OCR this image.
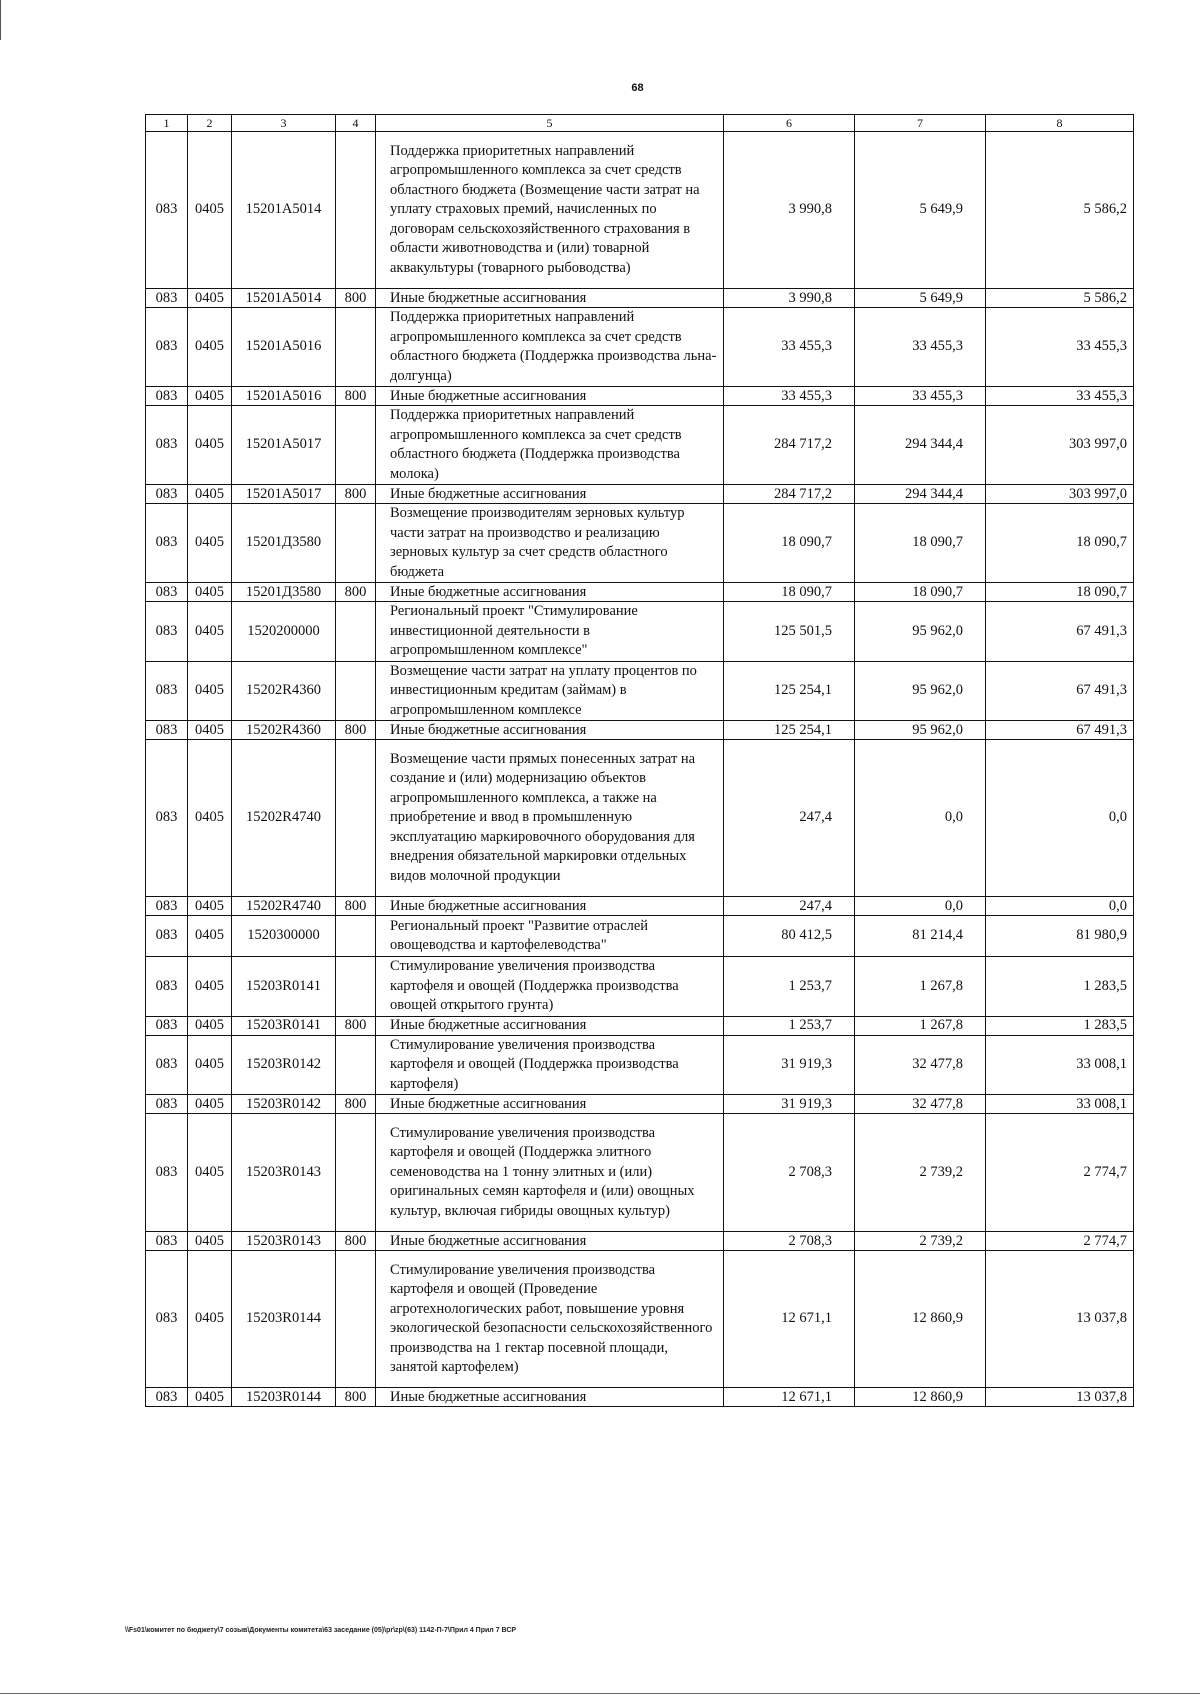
68
1	2	3	4	5	6	7	8
083	0405	15201А5014		Поддержка приоритетных направлений агропромышленного комплекса за счет средств областного бюджета (Возмещение части затрат на уплату страховых премий, начисленных по договорам сельскохозяйственного страхования в области животноводства и (или) товарной аквакультуры (товарного рыбоводства)	3 990,8	5 649,9	5 586,2
083	0405	15201А5014	800	Иные бюджетные ассигнования	3 990,8	5 649,9	5 586,2
083	0405	15201А5016		Поддержка приоритетных направлений агропромышленного комплекса за счет средств областного бюджета (Поддержка производства льна-долгунца)	33 455,3	33 455,3	33 455,3
083	0405	15201А5016	800	Иные бюджетные ассигнования	33 455,3	33 455,3	33 455,3
083	0405	15201А5017		Поддержка приоритетных направлений агропромышленного комплекса за счет средств областного бюджета (Поддержка производства молока)	284 717,2	294 344,4	303 997,0
083	0405	15201А5017	800	Иные бюджетные ассигнования	284 717,2	294 344,4	303 997,0
083	0405	15201Д3580		Возмещение производителям зерновых культур части затрат на производство и реализацию зерновых культур за счет средств областного бюджета	18 090,7	18 090,7	18 090,7
083	0405	15201Д3580	800	Иные бюджетные ассигнования	18 090,7	18 090,7	18 090,7
083	0405	1520200000		Региональный проект "Стимулирование инвестиционной деятельности в агропромышленном комплексе"	125 501,5	95 962,0	67 491,3
083	0405	15202R4360		Возмещение части затрат на уплату процентов по инвестиционным кредитам (займам) в агропромышленном комплексе	125 254,1	95 962,0	67 491,3
083	0405	15202R4360	800	Иные бюджетные ассигнования	125 254,1	95 962,0	67 491,3
083	0405	15202R4740		Возмещение части прямых понесенных затрат на создание и (или) модернизацию объектов агропромышленного комплекса, а также на приобретение и ввод в промышленную эксплуатацию маркировочного оборудования для внедрения обязательной маркировки отдельных видов молочной продукции	247,4	0,0	0,0
083	0405	15202R4740	800	Иные бюджетные ассигнования	247,4	0,0	0,0
083	0405	1520300000		Региональный проект "Развитие отраслей овощеводства и картофелеводства"	80 412,5	81 214,4	81 980,9
083	0405	15203R0141		Стимулирование увеличения производства картофеля и овощей (Поддержка производства овощей открытого грунта)	1 253,7	1 267,8	1 283,5
083	0405	15203R0141	800	Иные бюджетные ассигнования	1 253,7	1 267,8	1 283,5
083	0405	15203R0142		Стимулирование увеличения производства картофеля и овощей (Поддержка производства картофеля)	31 919,3	32 477,8	33 008,1
083	0405	15203R0142	800	Иные бюджетные ассигнования	31 919,3	32 477,8	33 008,1
083	0405	15203R0143		Стимулирование увеличения производства картофеля и овощей (Поддержка элитного семеноводства на 1 тонну элитных и (или) оригинальных семян картофеля и (или) овощных культур, включая гибриды овощных культур)	2 708,3	2 739,2	2 774,7
083	0405	15203R0143	800	Иные бюджетные ассигнования	2 708,3	2 739,2	2 774,7
083	0405	15203R0144		Стимулирование увеличения производства картофеля и овощей (Проведение агротехнологических работ, повышение уровня экологической безопасности сельскохозяйственного производства на 1 гектар посевной площади, занятой картофелем)	12 671,1	12 860,9	13 037,8
083	0405	15203R0144	800	Иные бюджетные ассигнования	12 671,1	12 860,9	13 037,8
\\Fs01\комитет по бюджету\7 созыв\Документы комитета\63 заседание (05)\pr\zp\(63) 1142-П-7\Прил 4 Прил 7 ВСР
